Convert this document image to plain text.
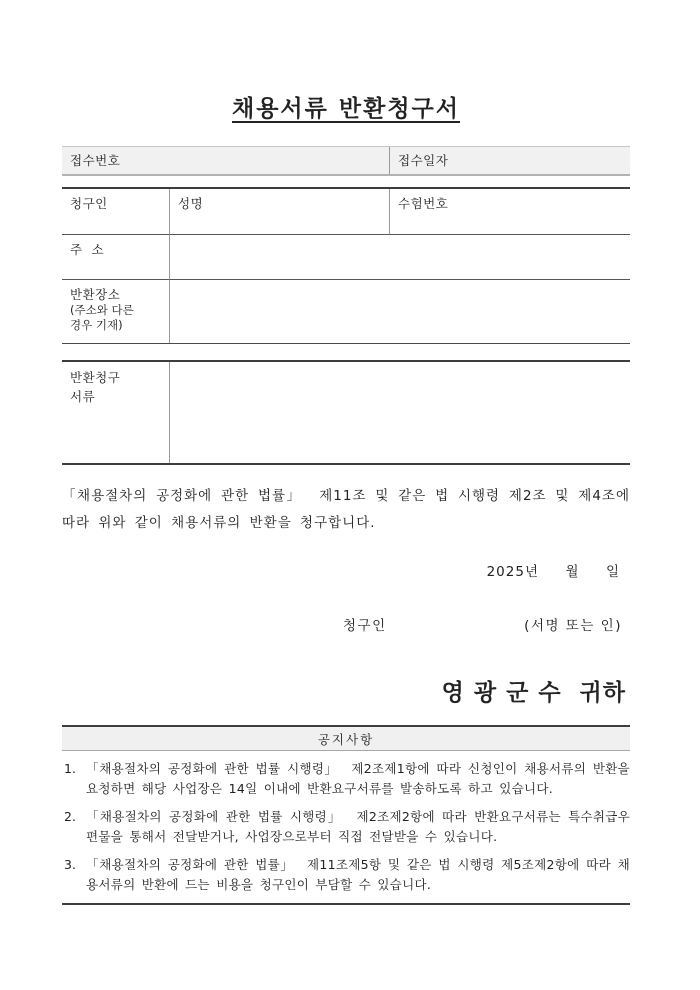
채용서류 반환청구서
접수번호	접수일자
청구인	성명	수험번호
주  소
반환장소
(주소와 다른
경우 기재)
반환청구
서류
「채용절차의 공정화에 관한 법률」  제11조 및 같은 법 시행령 제2조 및 제4조에 따라 위와 같이 채용서류의 반환을 청구합니다.
2025년     월     일
청구인	(서명 또는 인)
영 광 군 수  귀하
공지사항
1. 「채용절차의 공정화에 관한 법률 시행령」  제2조제1항에 따라 신청인이 채용서류의 반환을 요청하면 해당 사업장은 14일 이내에 반환요구서류를 발송하도록 하고 있습니다.
2. 「채용절차의 공정화에 관한 법률 시행령」  제2조제2항에 따라 반환요구서류는 특수취급우편물을 통해서 전달받거나, 사업장으로부터 직접 전달받을 수 있습니다.
3. 「채용절차의 공정화에 관한 법률」  제11조제5항 및 같은 법 시행령 제5조제2항에 따라 채용서류의 반환에 드는 비용을 청구인이 부담할 수 있습니다.
